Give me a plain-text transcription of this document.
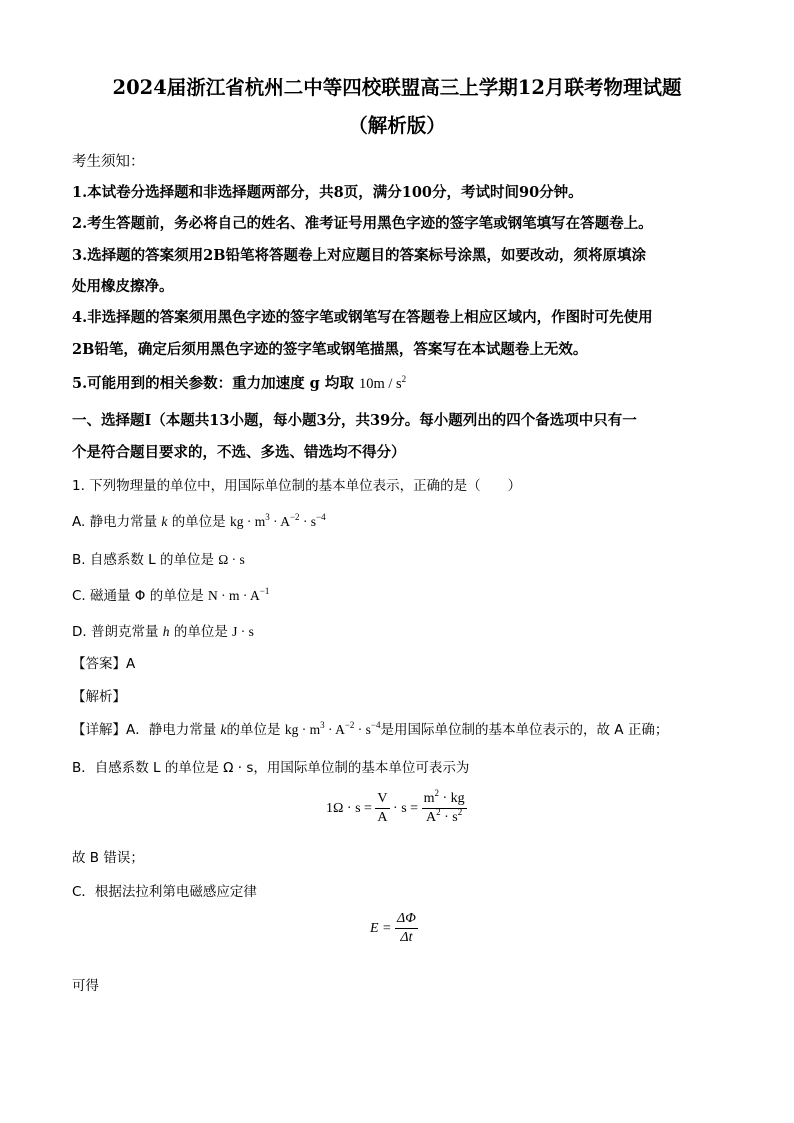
2024届浙江省杭州二中等四校联盟高三上学期12月联考物理试题
（解析版）
考生须知：
1.本试卷分选择题和非选择题两部分，共8页，满分100分，考试时间90分钟。
2.考生答题前，务必将自己的姓名、准考证号用黑色字迹的签字笔或钢笔填写在答题卷上。
3.选择题的答案须用2B铅笔将答题卷上对应题目的答案标号涂黑，如要改动，须将原填涂
处用橡皮擦净。
4.非选择题的答案须用黑色字迹的签字笔或钢笔写在答题卷上相应区域内，作图时可先使用
2B铅笔，确定后须用黑色字迹的签字笔或钢笔描黑，答案写在本试题卷上无效。
5.可能用到的相关参数：重力加速度 g 均取 $10m / s^2$
一、选择题Ⅰ（本题共13小题，每小题3分，共39分。每小题列出的四个备选项中只有一
个是符合题目要求的，不选、多选、错选均不得分）
1. 下列物理量的单位中，用国际单位制的基本单位表示，正确的是（　　）
A. 静电力常量 k 的单位是 kg · $m^3 \cdot A^{-2} \cdot s^{-4}$
B. 自感系数 L 的单位是 Ω · s
C. 磁通量 Φ 的单位是 $N \cdot m \cdot A^{-1}$
D. 普朗克常量 h 的单位是 J · s
【答案】A
【解析】
【详解】A．静电力常量 k的单位是 kg · $m^3 \cdot A^{-2} \cdot s^{-4}$是用国际单位制的基本单位表示的，故 A 正确；
B．自感系数 L 的单位是 Ω · s，用国际单位制的基本单位可表示为
$1\Omega \cdot s = \frac{V}{A} \cdot s = \frac{m^2 \cdot kg}{A^2 \cdot s^2}$
故 B 错误；
C．根据法拉利第电磁感应定律
$E = \frac{\Delta\Phi}{\Delta t}$
可得
